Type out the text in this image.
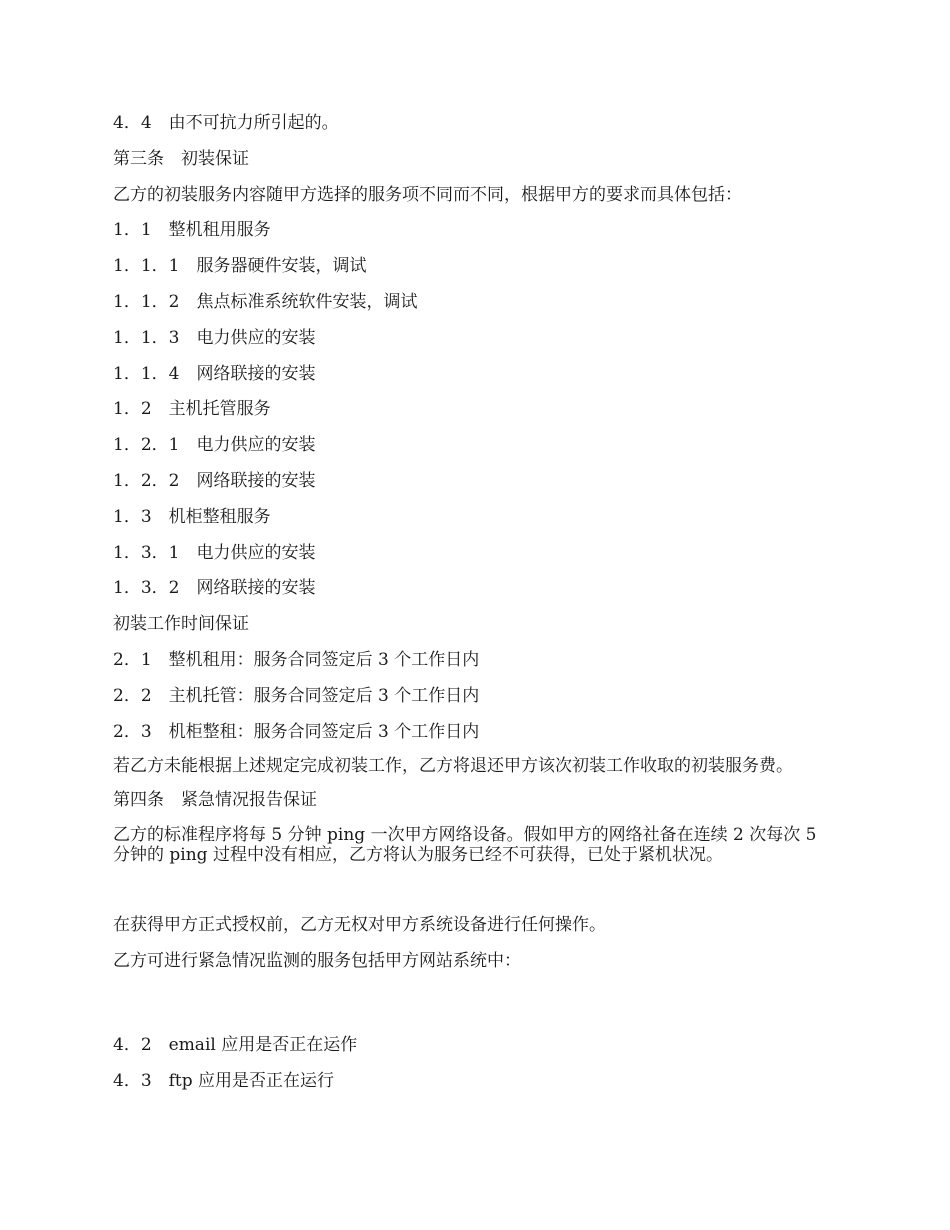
4．4　由不可抗力所引起的。
第三条　初装保证
乙方的初装服务内容随甲方选择的服务项不同而不同，根据甲方的要求而具体包括：
1．1　整机租用服务
1．1．1　服务器硬件安装，调试
1．1．2　焦点标准系统软件安装，调试
1．1．3　电力供应的安装
1．1．4　网络联接的安装
1．2　主机托管服务
1．2．1　电力供应的安装
1．2．2　网络联接的安装
1．3　机柜整租服务
1．3．1　电力供应的安装
1．3．2　网络联接的安装
初装工作时间保证
2．1　整机租用：服务合同签定后 3 个工作日内
2．2　主机托管：服务合同签定后 3 个工作日内
2．3　机柜整租：服务合同签定后 3 个工作日内
若乙方未能根据上述规定完成初装工作，乙方将退还甲方该次初装工作收取的初装服务费。
第四条　紧急情况报告保证
乙方的标准程序将每 5 分钟 ping 一次甲方网络设备。假如甲方的网络社备在连续 2 次每次 5 分钟的 ping 过程中没有相应，乙方将认为服务已经不可获得，已处于紧机状况。
在获得甲方正式授权前，乙方无权对甲方系统设备进行任何操作。
乙方可进行紧急情况监测的服务包括甲方网站系统中：
4．2　email 应用是否正在运作
4．3　ftp 应用是否正在运行
